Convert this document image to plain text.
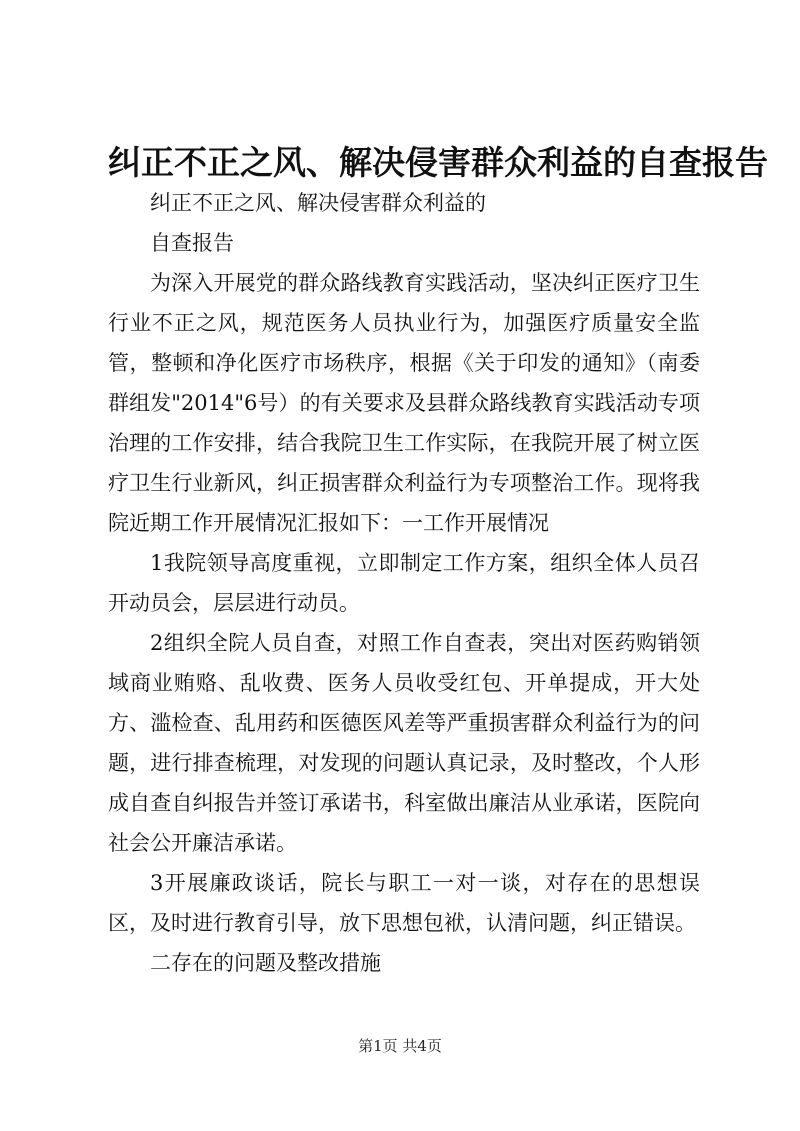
纠正不正之风、解决侵害群众利益的自查报告

纠正不正之风、解决侵害群众利益的

自查报告

为深入开展党的群众路线教育实践活动，坚决纠正医疗卫生行业不正之风，规范医务人员执业行为，加强医疗质量安全监管，整顿和净化医疗市场秩序，根据《关于印发的通知》（南委群组发"2014"6号）的有关要求及县群众路线教育实践活动专项治理的工作安排，结合我院卫生工作实际，在我院开展了树立医疗卫生行业新风，纠正损害群众利益行为专项整治工作。现将我院近期工作开展情况汇报如下：一工作开展情况

1我院领导高度重视，立即制定工作方案，组织全体人员召开动员会，层层进行动员。

2组织全院人员自查，对照工作自查表，突出对医药购销领域商业贿赂、乱收费、医务人员收受红包、开单提成，开大处方、滥检查、乱用药和医德医风差等严重损害群众利益行为的问题，进行排查梳理，对发现的问题认真记录，及时整改，个人形成自查自纠报告并签订承诺书，科室做出廉洁从业承诺，医院向社会公开廉洁承诺。

3开展廉政谈话，院长与职工一对一谈，对存在的思想误区，及时进行教育引导，放下思想包袱，认清问题，纠正错误。

二存在的问题及整改措施

第1页 共4页
